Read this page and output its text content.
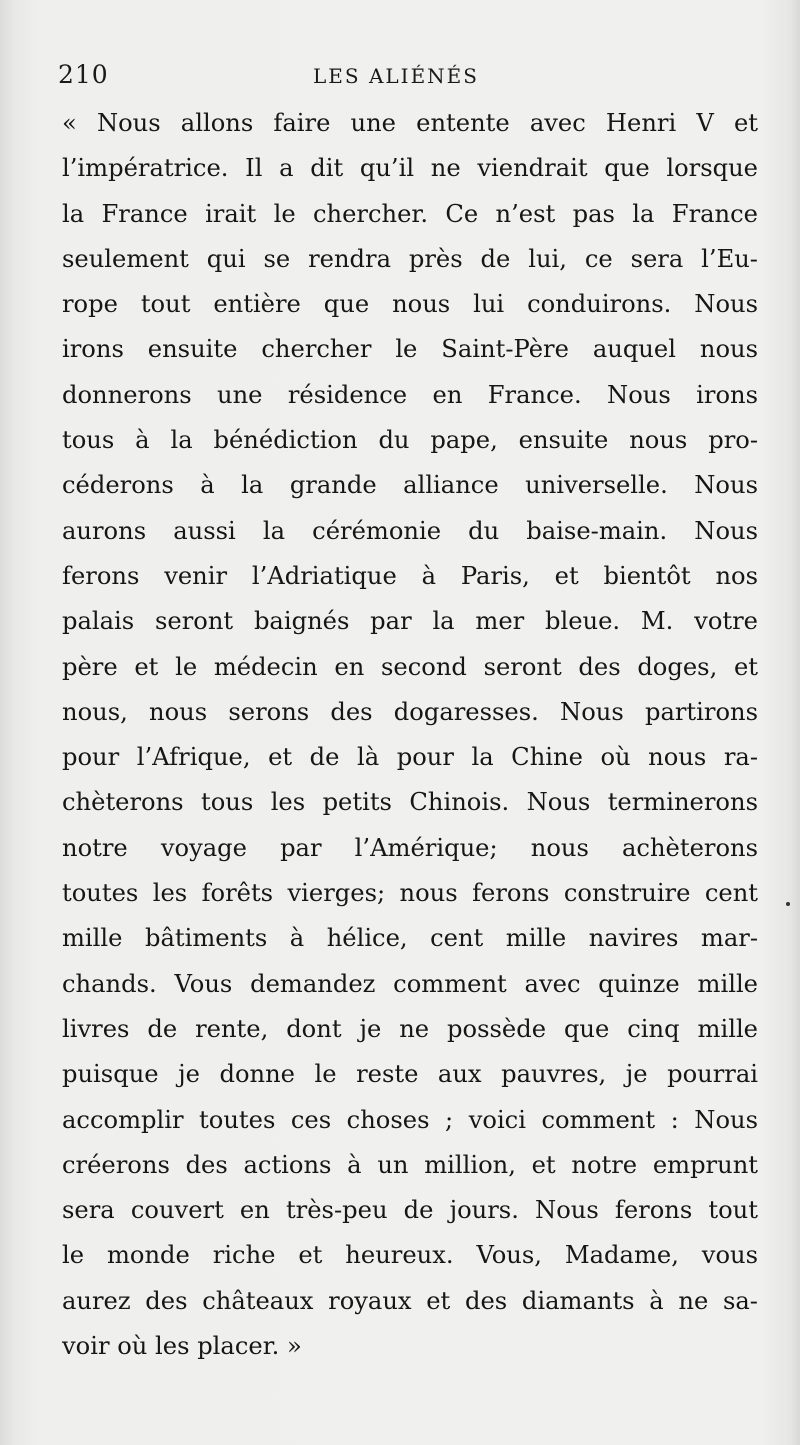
210	LES ALIÉNÉS
« Nous allons faire une entente avec Henri V et
l’impératrice. Il a dit qu’il ne viendrait que lorsque
la France irait le chercher. Ce n’est pas la France
seulement qui se rendra près de lui, ce sera l’Eu-
rope tout entière que nous lui conduirons. Nous
irons ensuite chercher le Saint-Père auquel nous
donnerons une résidence en France. Nous irons
tous à la bénédiction du pape, ensuite nous pro-
céderons à la grande alliance universelle. Nous
aurons aussi la cérémonie du baise-main. Nous
ferons venir l’Adriatique à Paris, et bientôt nos
palais seront baignés par la mer bleue. M. votre
père et le médecin en second seront des doges, et
nous, nous serons des dogaresses. Nous partirons
pour l’Afrique, et de là pour la Chine où nous ra-
chèterons tous les petits Chinois. Nous terminerons
notre voyage par l’Amérique; nous achèterons
toutes les forêts vierges; nous ferons construire cent
mille bâtiments à hélice, cent mille navires mar-
chands. Vous demandez comment avec quinze mille
livres de rente, dont je ne possède que cinq mille
puisque je donne le reste aux pauvres, je pourrai
accomplir toutes ces choses ; voici comment : Nous
créerons des actions à un million, et notre emprunt
sera couvert en très-peu de jours. Nous ferons tout
le monde riche et heureux. Vous, Madame, vous
aurez des châteaux royaux et des diamants à ne sa-
voir où les placer. »
